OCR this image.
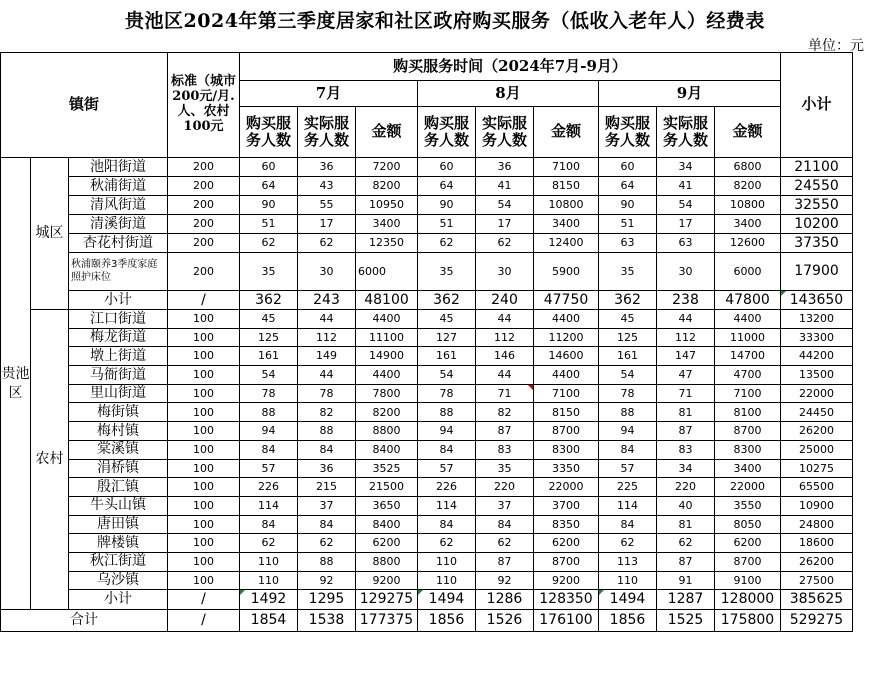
贵池区2024年第三季度居家和社区政府购买服务（低收入老年人）经费表
单位：元
镇街			标准（城市200元/月.人、农村100元	购买服务时间（2024年7月-9月）									小计
				7月			8月			9月			
				购买服务人数	实际服务人数	金额	购买服务人数	实际服务人数	金额	购买服务人数	实际服务人数	金额	
贵池区	城区	池阳街道	200	60	36	7200	60	36	7100	60	34	6800	21100
		秋浦街道	200	64	43	8200	64	41	8150	64	41	8200	24550
		清风街道	200	90	55	10950	90	54	10800	90	54	10800	32550
		清溪街道	200	51	17	3400	51	17	3400	51	17	3400	10200
		杏花村街道	200	62	62	12350	62	62	12400	63	63	12600	37350
		秋浦颐养3季度家庭照护床位	200	35	30	6000	35	30	5900	35	30	6000	17900
		小计	/	362	243	48100	362	240	47750	362	238	47800	143650
	农村	江口街道	100	45	44	4400	45	44	4400	45	44	4400	13200
		梅龙街道	100	125	112	11100	127	112	11200	125	112	11000	33300
		墩上街道	100	161	149	14900	161	146	14600	161	147	14700	44200
		马衙街道	100	54	44	4400	54	44	4400	54	47	4700	13500
		里山街道	100	78	78	7800	78	71	7100	78	71	7100	22000
		梅街镇	100	88	82	8200	88	82	8150	88	81	8100	24450
		梅村镇	100	94	88	8800	94	87	8700	94	87	8700	26200
		棠溪镇	100	84	84	8400	84	83	8300	84	83	8300	25000
		涓桥镇	100	57	36	3525	57	35	3350	57	34	3400	10275
		殷汇镇	100	226	215	21500	226	220	22000	225	220	22000	65500
		牛头山镇	100	114	37	3650	114	37	3700	114	40	3550	10900
		唐田镇	100	84	84	8400	84	84	8350	84	81	8050	24800
		牌楼镇	100	62	62	6200	62	62	6200	62	62	6200	18600
		秋江街道	100	110	88	8800	110	87	8700	113	87	8700	26200
		乌沙镇	100	110	92	9200	110	92	9200	110	91	9100	27500
		小计	/	1492	1295	129275	1494	1286	128350	1494	1287	128000	385625
合计			/	1854	1538	177375	1856	1526	176100	1856	1525	175800	529275
